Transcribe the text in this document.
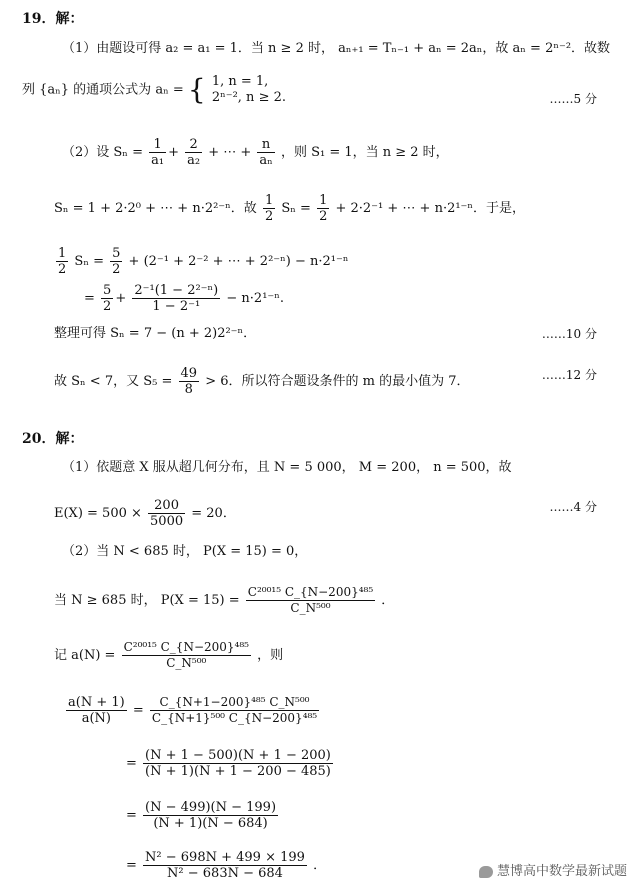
19．解：
（1）由题设可得 a₂ = a₁ = 1．当 n ≥ 2 时， aₙ₊₁ = Tₙ₋₁ + aₙ = 2aₙ，故 aₙ = 2ⁿ⁻²．故数
列 {aₙ} 的通项公式为 aₙ = { 1, n = 1,
2ⁿ⁻², n ≥ 2.	……5 分
（2）设 $S_n = \frac{1}{\text{a₁}} + \frac{2}{\text{a₂}}$ + ⋯ + $\frac{n}{\text{aₙ}}$ ，则 S₁ = 1，当 n ≥ 2 时，
Sₙ = 1 + 2·2⁰ + ⋯ + n·2²⁻ⁿ．故 $\frac{1}{2}$ $S_n = \frac{1}{2} + 2\cdot 2^{-1}$ + ⋯ + n·2¹⁻ⁿ．于是，
$\frac{1}{2}$ $S_n = \frac{5}{2} + (2^{-1} + 2^{-2}$ + ⋯ + 2²⁻ⁿ) − n·2¹⁻ⁿ
= $\frac{5}{2} + \frac{\text{2⁻¹(1 − 2²⁻ⁿ)}}{\text{1 − 2⁻¹}} - n\cdot 2^{1-n}$.
整理可得 Sₙ = 7 − (n + 2)2²⁻ⁿ．	……10 分
故 Sₙ < 7，又 $S_5 = \frac{49}{8} > 6$．所以符合题设条件的 m 的最小值为 7．	……12 分
20．解：
（1）依题意 X 服从超几何分布，且 N = 5 000， M = 200， n = 500，故
$E(X) = 500 \times \frac{200}{5000} = 20$．	……4 分
（2）当 N < 685 时， P(X = 15) = 0，
当 N ≥ 685 时， $P(X = 15) = \frac{\text{C²⁰⁰¹⁵ C\_\{N−200\}⁴⁸⁵}}{\text{C\_N⁵⁰⁰}}$ ．
记 $a(N) = \frac{\text{C²⁰⁰¹⁵ C\_\{N−200\}⁴⁸⁵}}{\text{C\_N⁵⁰⁰}}$ ，则
$\frac{a(N + 1)}{a(N)} = \frac{\text{C\_\{N+1−200\}⁴⁸⁵ C\_N⁵⁰⁰}}{\text{C\_\{N+1\}⁵⁰⁰ C\_\{N−200\}⁴⁸⁵}}$
= $\frac{(N + 1 - 500)(N + 1 - 200)}{(N + 1)(N + 1 - 200 - 485)}$
= $\frac{(N - 499)(N - 199)}{(N + 1)(N - 684)}$
= $\frac{\text{N² − 698N + 499 × 199}}{\text{N² − 683N − 684}}$ ．	慧博高中数学最新试题
